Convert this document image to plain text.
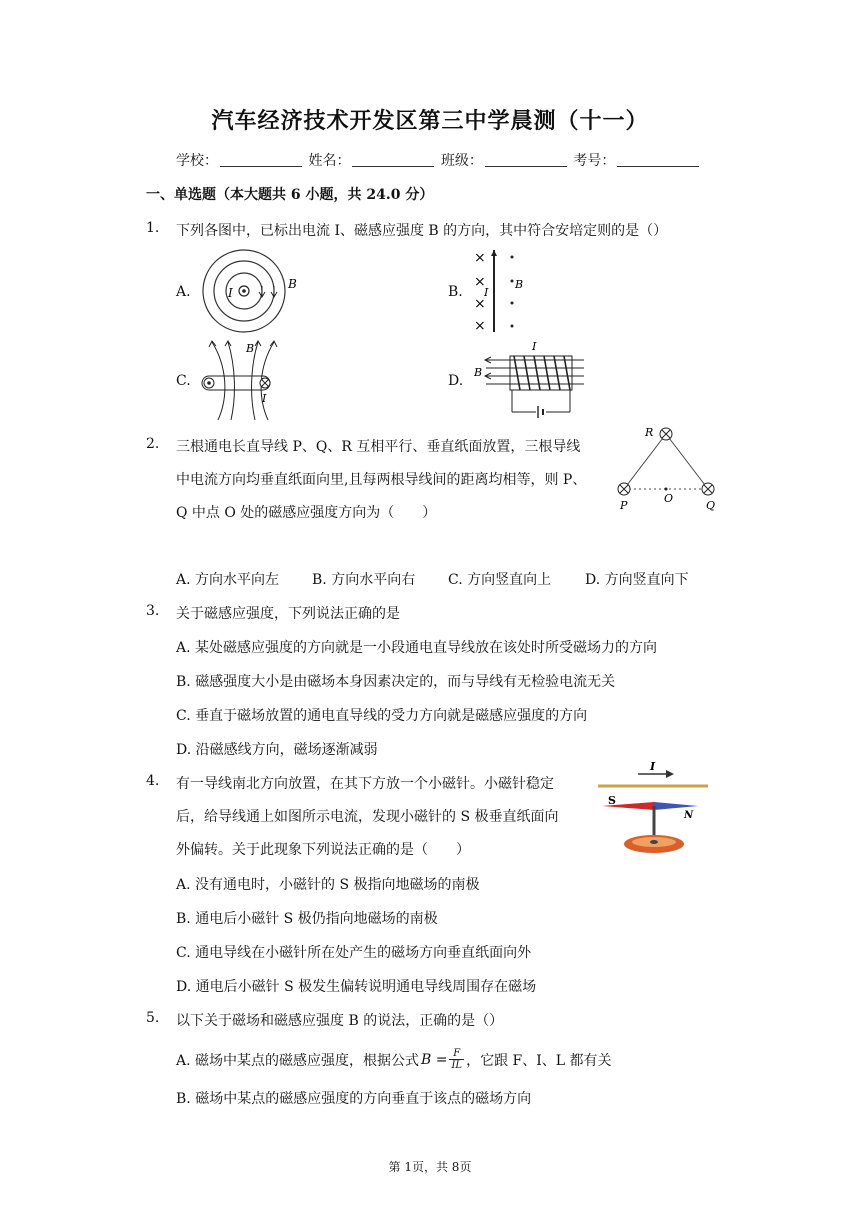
汽车经济技术开发区第三中学晨测（十一）
学校：	姓名：	班级：	考号：
一、单选题（本大题共 6 小题，共 24.0 分）
1. 下列各图中，已标出电流 I、磁感应强度 B 的方向，其中符合安培定则的是（）
A.	I
B	B.
×
×
×
×
I
B
C.
B
I
D.
I
B
2. 三根通电长直导线 P、Q、R 互相平行、垂直纸面放置，三根导线
中电流方向均垂直纸面向里,且每两根导线间的距离均相等，则 P、
Q 中点 O 处的磁感应强度方向为（　　）
R
P
O
Q
A. 方向水平向左 B. 方向水平向右 C. 方向竖直向上 D. 方向竖直向下
3. 关于磁感应强度，下列说法正确的是
A. 某处磁感应强度的方向就是一小段通电直导线放在该处时所受磁场力的方向
B. 磁感强度大小是由磁场本身因素决定的，而与导线有无检验电流无关
C. 垂直于磁场放置的通电直导线的受力方向就是磁感应强度的方向
D. 沿磁感线方向，磁场逐渐减弱
4. 有一导线南北方向放置，在其下方放一个小磁针。小磁针稳定
后，给导线通上如图所示电流，发现小磁针的 S 极垂直纸面向
外偏转。关于此现象下列说法正确的是（　　）
I
S
N
A. 没有通电时，小磁针的 S 极指向地磁场的南极
B. 通电后小磁针 S 极仍指向地磁场的南极
C. 通电导线在小磁针所在处产生的磁场方向垂直纸面向外
D. 通电后小磁针 S 极发生偏转说明通电导线周围存在磁场
5. 以下关于磁场和磁感应强度 B 的说法，正确的是（）
A. 磁场中某点的磁感应强度，根据公式 $B = \frac{F}{IL}$ ，它跟 F、I、L 都有关
B. 磁场中某点的磁感应强度的方向垂直于该点的磁场方向
第 1页，共 8页
